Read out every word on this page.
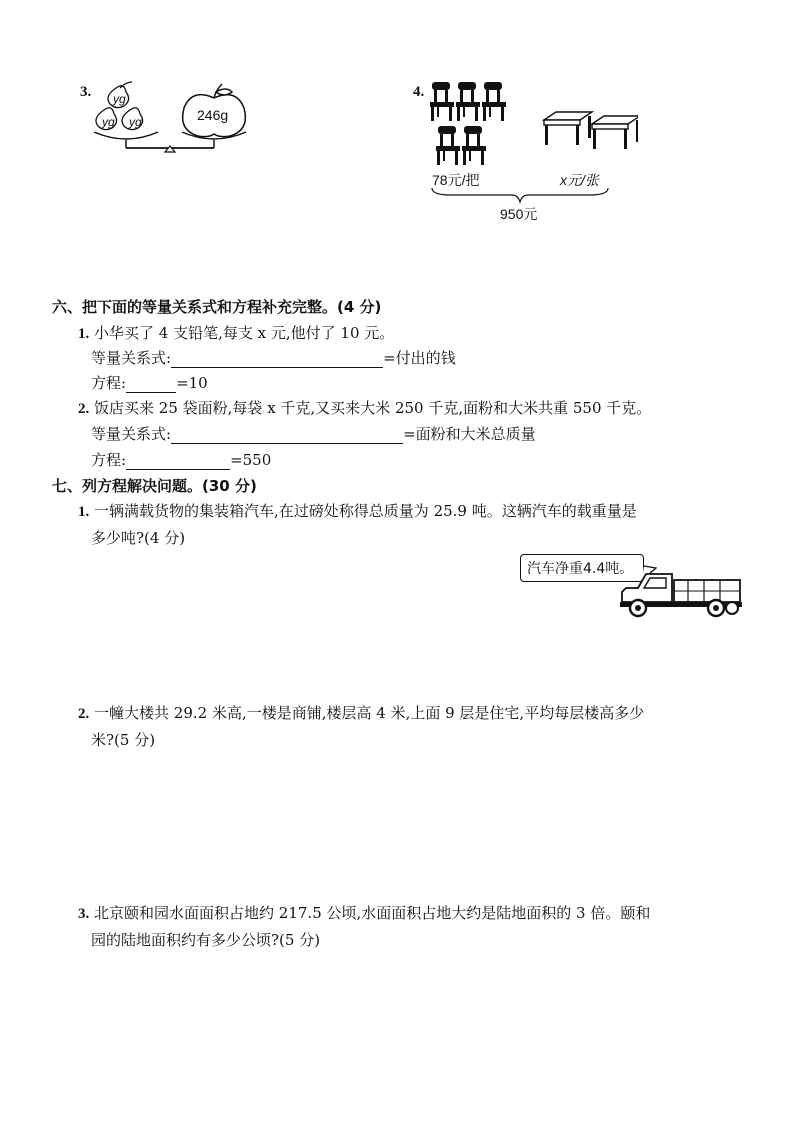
3. yg
yg yg	246g
4.
78元/把	x元/张
950元
六、把下面的等量关系式和方程补充完整。(4 分)
1. 小华买了 4 支铅笔,每支 x 元,他付了 10 元。
等量关系式:	=付出的钱
方程:	=10
2. 饭店买来 25 袋面粉,每袋 x 千克,又买来大米 250 千克,面粉和大米共重 550 千克。
等量关系式:	=面粉和大米总质量
方程:	=550
七、列方程解决问题。(30 分)
1. 一辆满载货物的集装箱汽车,在过磅处称得总质量为 25.9 吨。这辆汽车的载重量是
多少吨?(4 分)
汽车净重4.4吨。
2. 一幢大楼共 29.2 米高,一楼是商铺,楼层高 4 米,上面 9 层是住宅,平均每层楼高多少
米?(5 分)
3. 北京颐和园水面面积占地约 217.5 公顷,水面面积占地大约是陆地面积的 3 倍。颐和
园的陆地面积约有多少公顷?(5 分)
